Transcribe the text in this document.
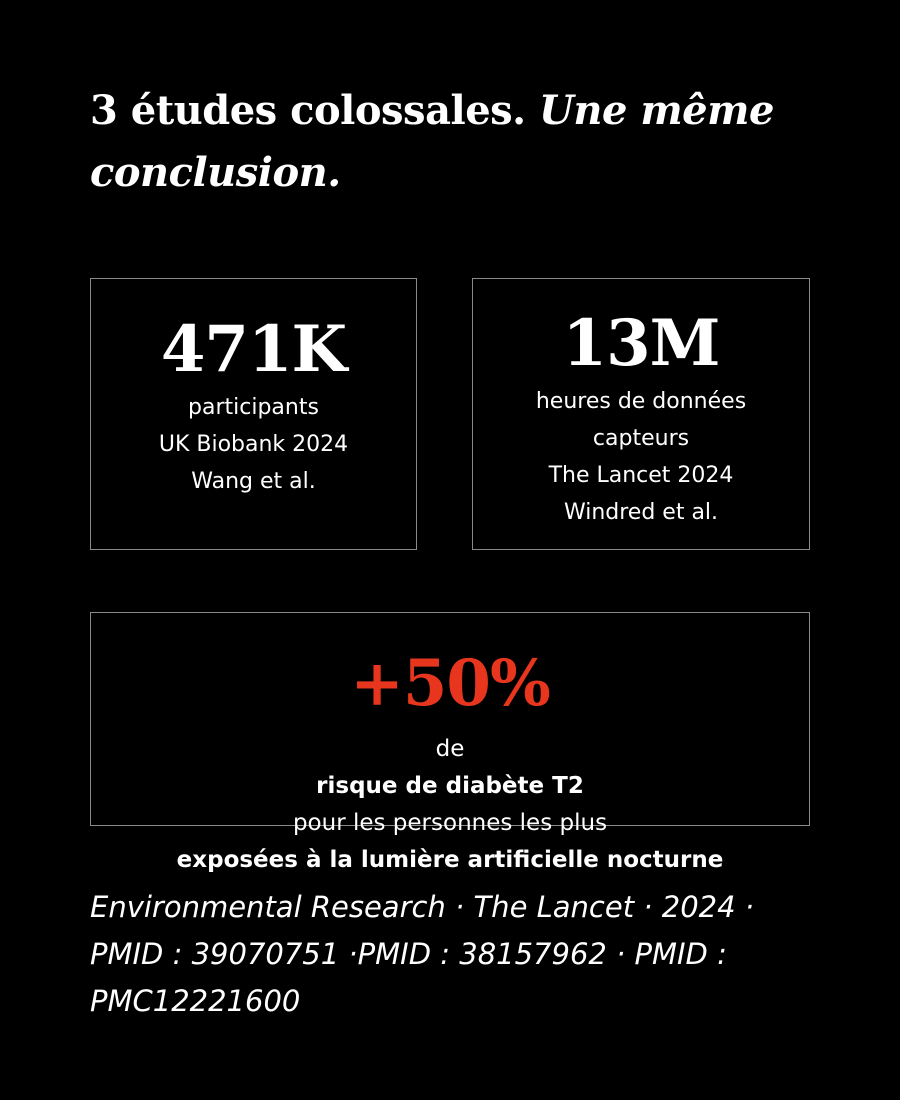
3 études colossales. Une même conclusion.
471K
participants
UK Biobank 2024
Wang et al.
13M
heures de données
capteurs
The Lancet 2024
Windred et al.
+50%
de
risque de diabète T2
pour les personnes les plus
exposées à la lumière artificielle nocturne

Environmental Research · The Lancet · 2024 · PMID : 39070751 ·PMID : 38157962 · PMID : PMC12221600
